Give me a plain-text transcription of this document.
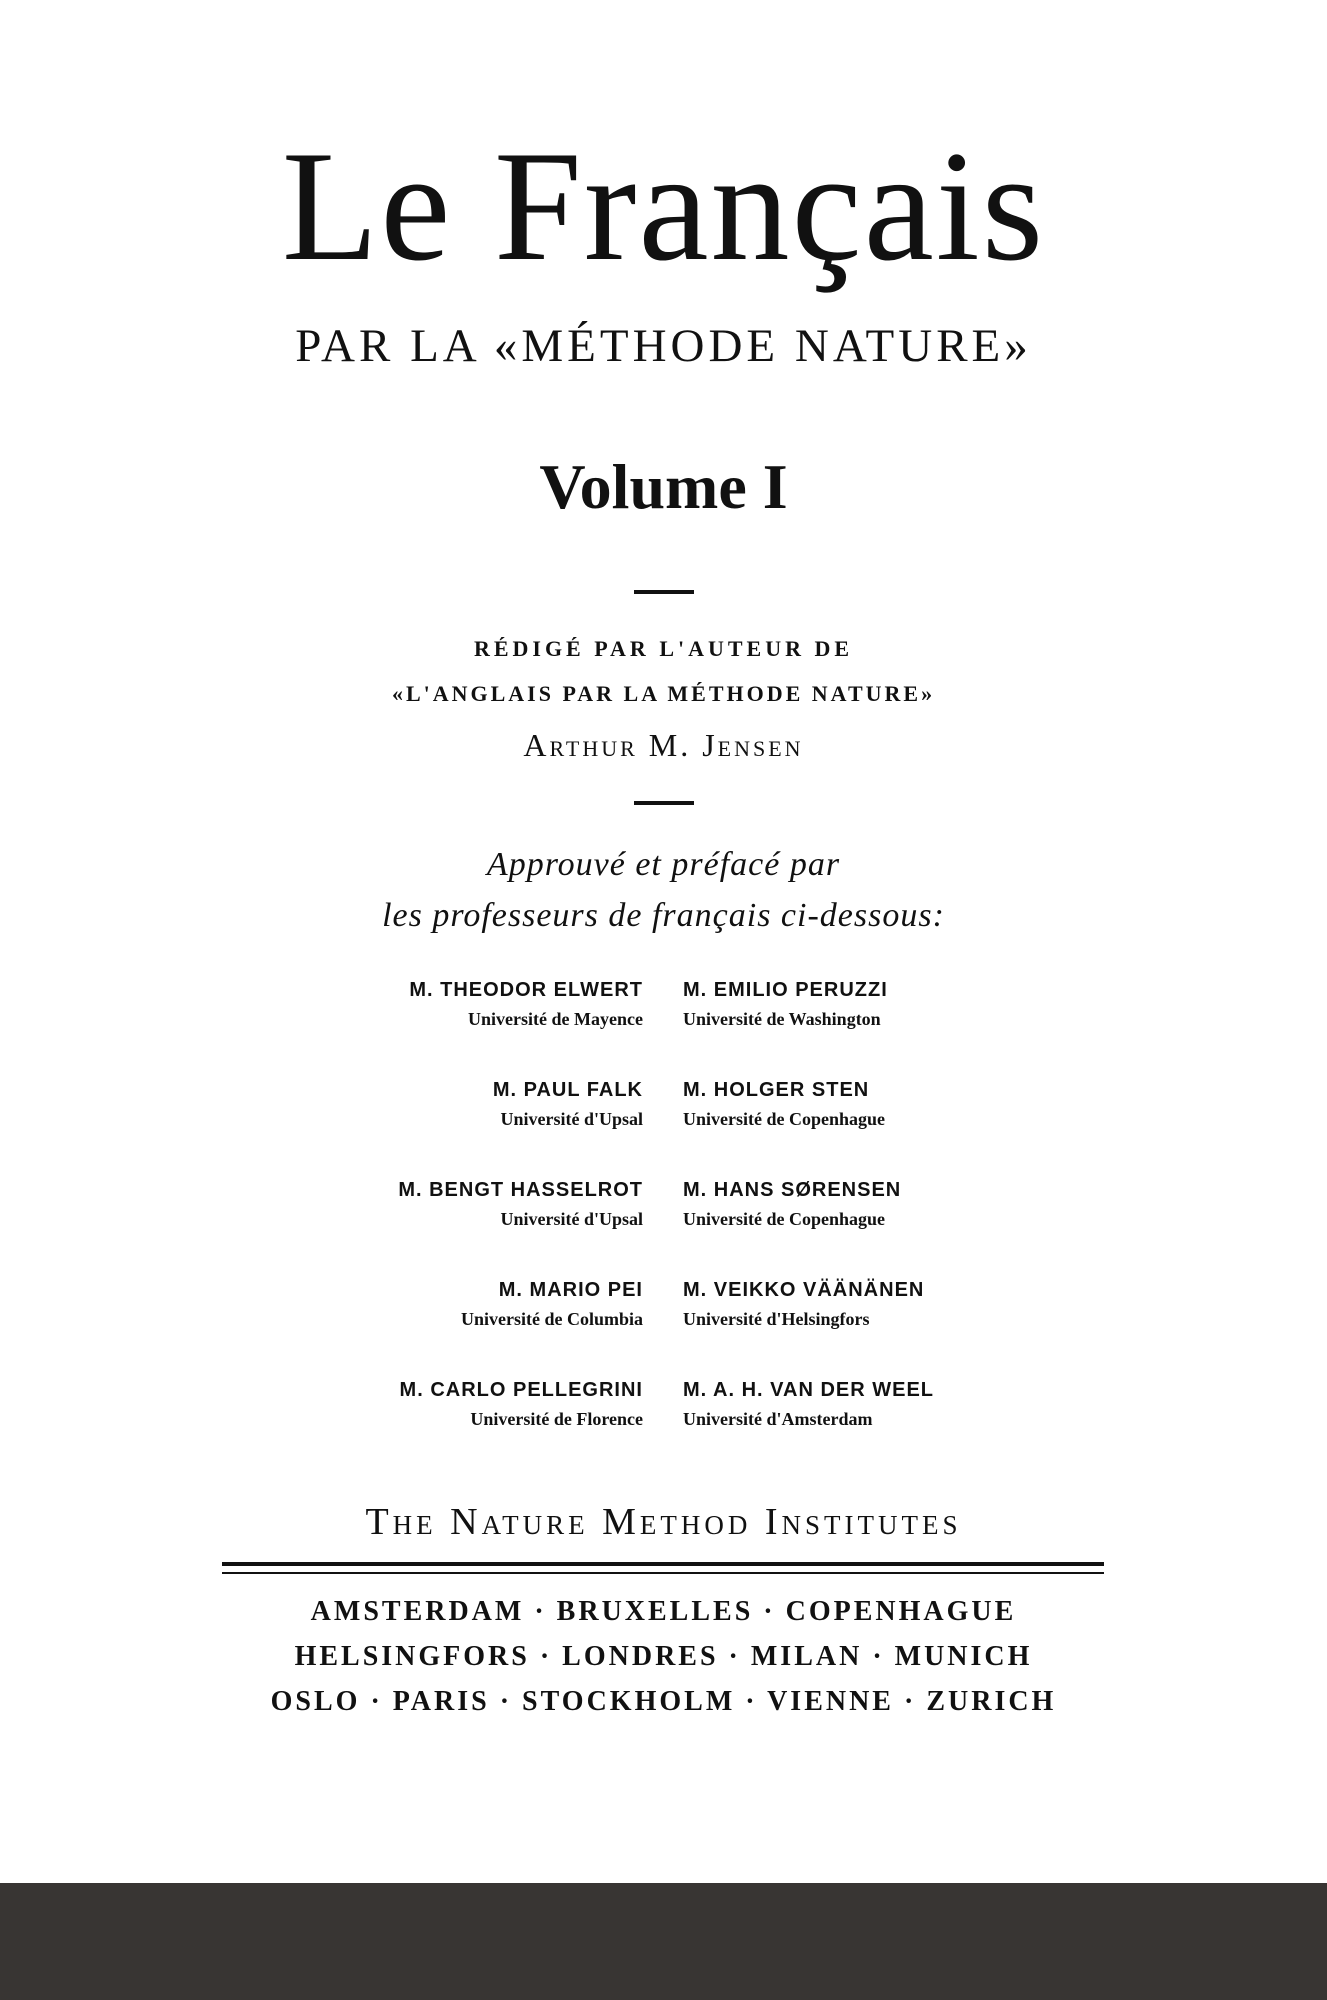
Le Français
PAR LA «MÉTHODE NATURE»
Volume I
RÉDIGÉ PAR L'AUTEUR DE
«L'ANGLAIS PAR LA MÉTHODE NATURE»
Arthur M. Jensen
Approuvé et préfacé par
les professeurs de français ci-dessous:
M. THEODOR ELWERT
Université de Mayence
M. EMILIO PERUZZI
Université de Washington
M. PAUL FALK
Université d'Upsal
M. HOLGER STEN
Université de Copenhague
M. BENGT HASSELROT
Université d'Upsal
M. HANS SØRENSEN
Université de Copenhague
M. MARIO PEI
Université de Columbia
M. VEIKKO VÄÄNÄNEN
Université d'Helsingfors
M. CARLO PELLEGRINI
Université de Florence
M. A. H. VAN DER WEEL
Université d'Amsterdam
The Nature Method Institutes
AMSTERDAM · BRUXELLES · COPENHAGUE
HELSINGFORS · LONDRES · MILAN · MUNICH
OSLO · PARIS · STOCKHOLM · VIENNE · ZURICH
